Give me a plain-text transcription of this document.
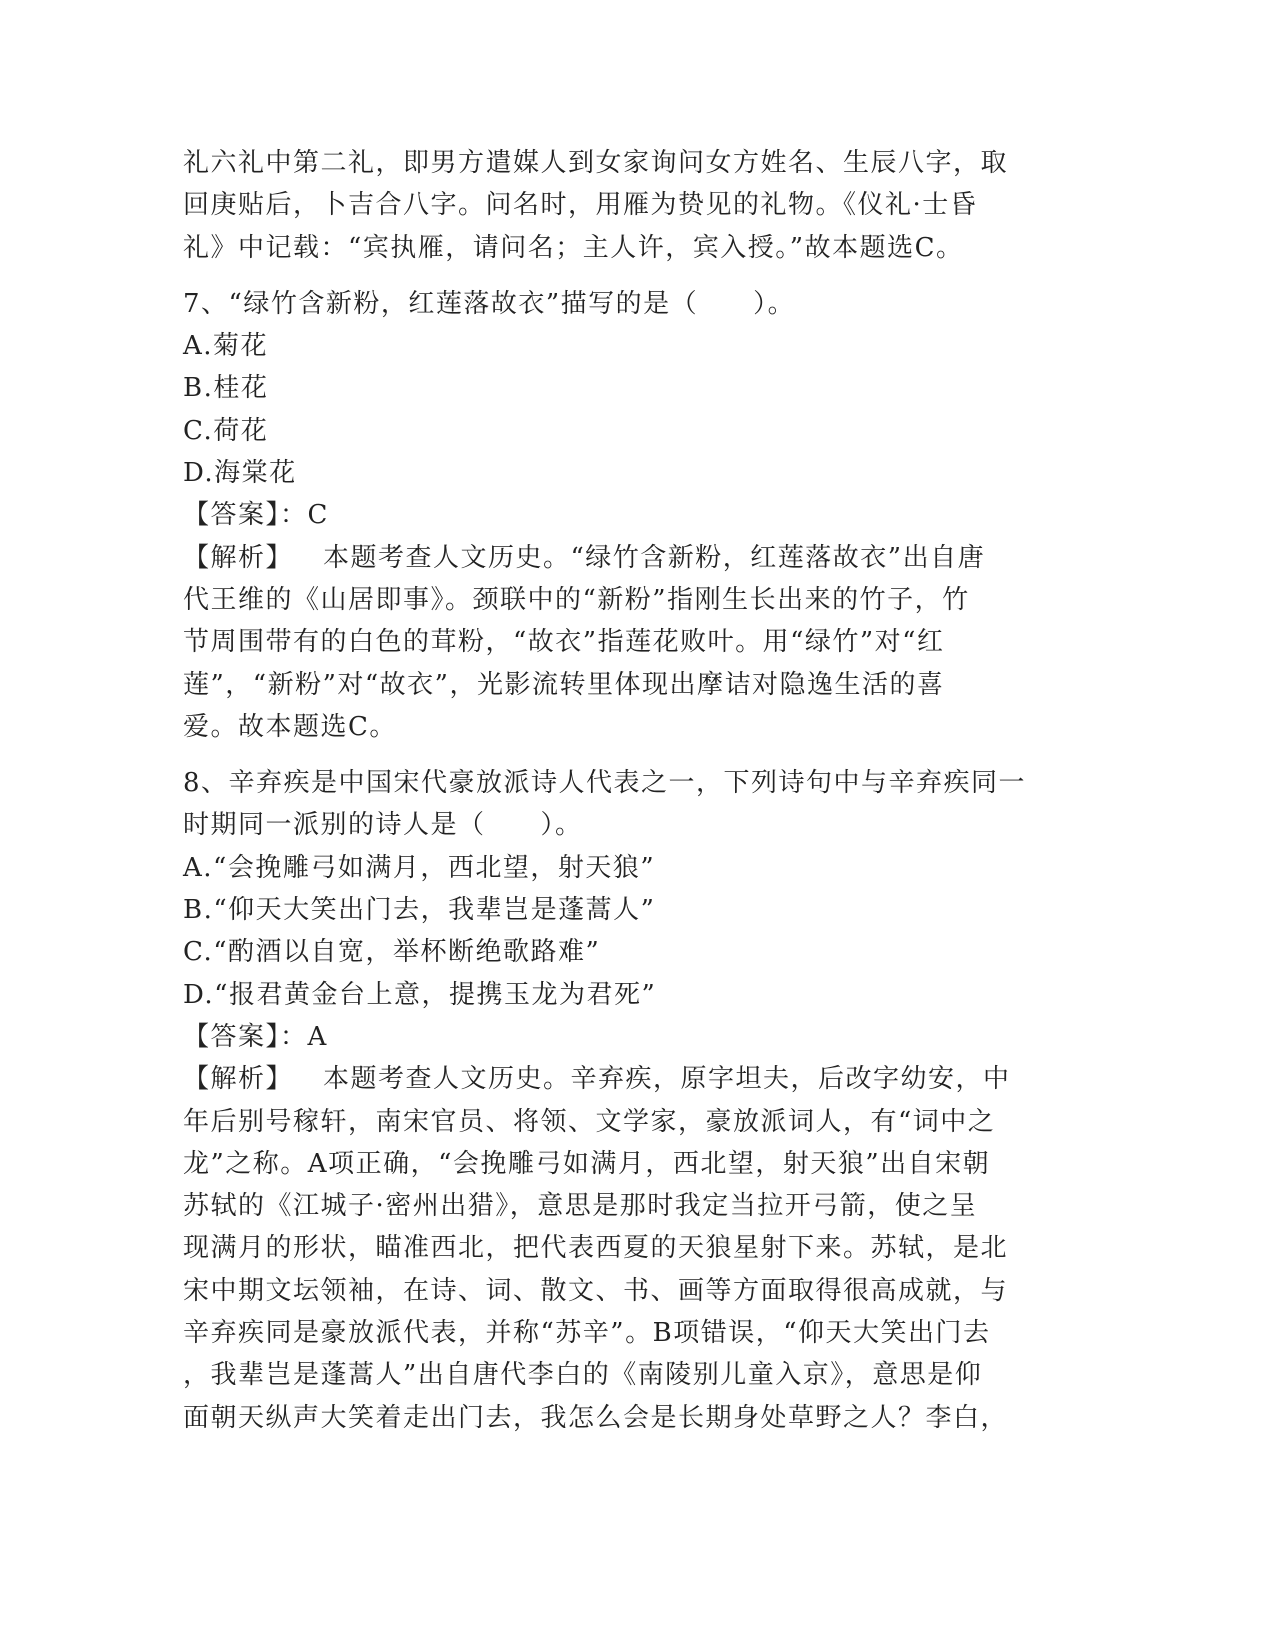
礼六礼中第二礼，即男方遣媒人到女家询问女方姓名、生辰八字，取
回庚贴后，卜吉合八字。问名时，用雁为贽见的礼物。《仪礼·士昏
礼》中记载：“宾执雁，请问名；主人许，宾入授。”故本题选C。
7、“绿竹含新粉，红莲落故衣”描写的是（　　）。
A.菊花
B.桂花
C.荷花
D.海棠花
【答案】：C
【解析】 本题考查人文历史。“绿竹含新粉，红莲落故衣”出自唐
代王维的《山居即事》。颈联中的“新粉”指刚生长出来的竹子，竹
节周围带有的白色的茸粉，“故衣”指莲花败叶。用“绿竹”对“红
莲”，“新粉”对“故衣”，光影流转里体现出摩诘对隐逸生活的喜
爱。故本题选C。
8、辛弃疾是中国宋代豪放派诗人代表之一，下列诗句中与辛弃疾同一
时期同一派别的诗人是（　　）。
A.“会挽雕弓如满月，西北望，射天狼”
B.“仰天大笑出门去，我辈岂是蓬蒿人”
C.“酌酒以自宽，举杯断绝歌路难”
D.“报君黄金台上意，提携玉龙为君死”
【答案】：A
【解析】 本题考查人文历史。辛弃疾，原字坦夫，后改字幼安，中
年后别号稼轩，南宋官员、将领、文学家，豪放派词人，有“词中之
龙”之称。A项正确，“会挽雕弓如满月，西北望，射天狼”出自宋朝
苏轼的《江城子·密州出猎》，意思是那时我定当拉开弓箭，使之呈
现满月的形状，瞄准西北，把代表西夏的天狼星射下来。苏轼，是北
宋中期文坛领袖，在诗、词、散文、书、画等方面取得很高成就，与
辛弃疾同是豪放派代表，并称“苏辛”。B项错误，“仰天大笑出门去
，我辈岂是蓬蒿人”出自唐代李白的《南陵别儿童入京》，意思是仰
面朝天纵声大笑着走出门去，我怎么会是长期身处草野之人？李白，
